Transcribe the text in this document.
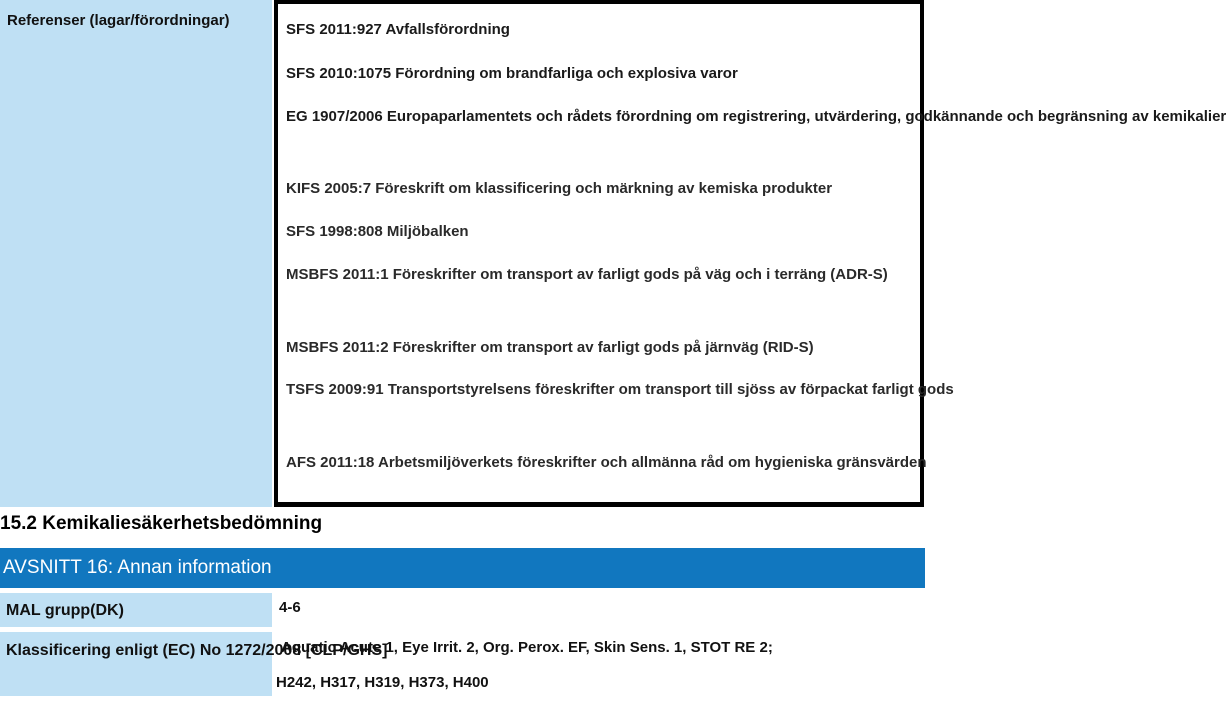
Referenser (lagar/förordningar)
SFS 2011:927 Avfallsförordning
SFS 2010:1075 Förordning om brandfarliga och explosiva varor
EG 1907/2006 Europaparlamentets och rådets förordning om registrering, utvärdering, godkännande och begränsning av kemikalier
KIFS 2005:7 Föreskrift om klassificering och märkning av kemiska produkter
SFS 1998:808 Miljöbalken
MSBFS 2011:1 Föreskrifter om transport av farligt gods på väg och i terräng (ADR-S)
MSBFS 2011:2 Föreskrifter om transport av farligt gods på järnväg (RID-S)
TSFS 2009:91 Transportstyrelsens föreskrifter om transport till sjöss av förpackat farligt gods
AFS 2011:18 Arbetsmiljöverkets föreskrifter och allmänna råd om hygieniska gränsvärden
15.2 Kemikaliesäkerhetsbedömning
AVSNITT 16: Annan information
MAL grupp(DK)	4-6
Klassificering enligt (EC) No 1272/2008 [CLP/GHS]
Aquatic Acute 1, Eye Irrit. 2, Org. Perox. EF, Skin Sens. 1, STOT RE 2;
H242, H317, H319, H373, H400
